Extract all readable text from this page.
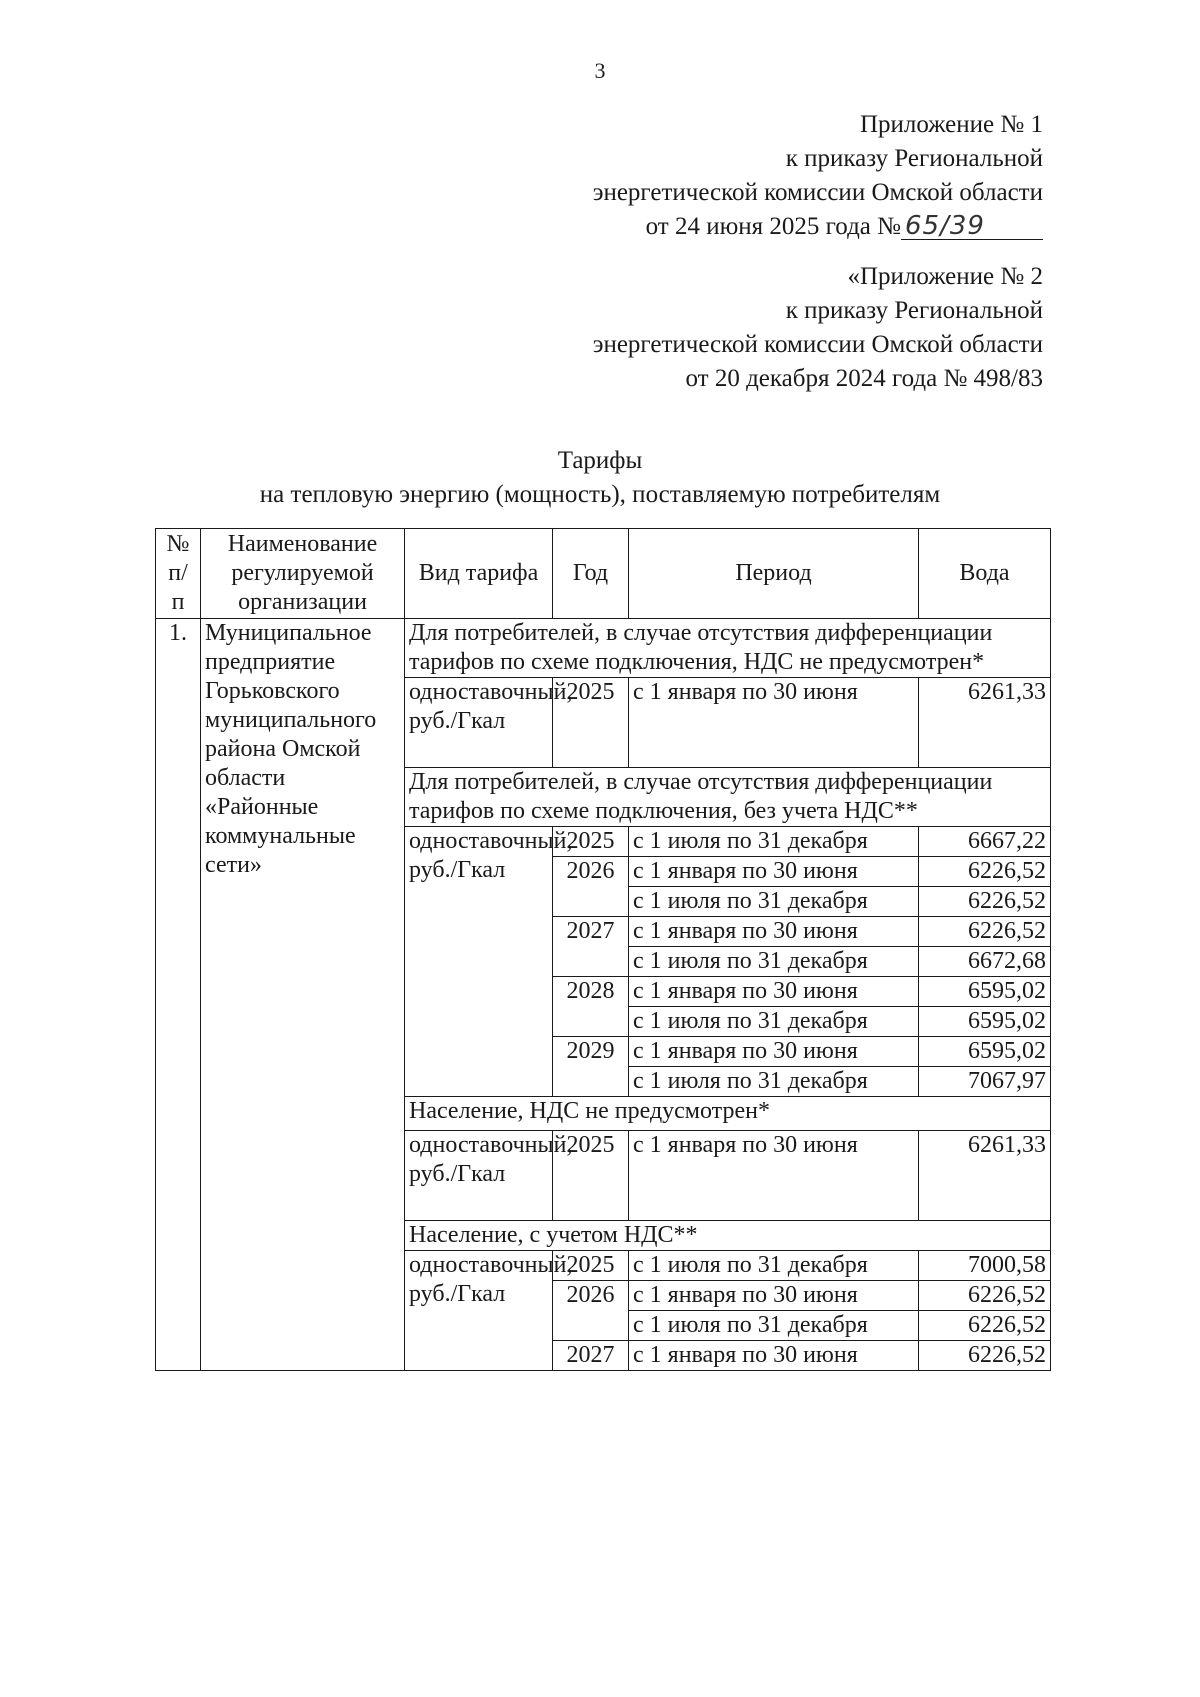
3
Приложение № 1
к приказу Региональной
энергетической комиссии Омской области
от 24 июня 2025 года № 65/39
«Приложение № 2
к приказу Региональной
энергетической комиссии Омской области
от 20 декабря 2024 года № 498/83
Тарифы
на тепловую энергию (мощность), поставляемую потребителям
№ п/ п	Наименование регулируемой организации	Вид тарифа	Год	Период	Вода
1.	Муниципальное предприятие Горьковского муниципального района Омской области «Районные коммунальные сети»	Для потребителей, в случае отсутствия дифференциации тарифов по схеме подключения, НДС не предусмотрен*			
		одноставочный, руб./Гкал	2025	с 1 января по 30 июня	6261,33
		Для потребителей, в случае отсутствия дифференциации тарифов по схеме подключения, без учета НДС**			
		одноставочный, руб./Гкал	2025	с 1 июля по 31 декабря	6667,22
			2026	с 1 января по 30 июня	6226,52
				с 1 июля по 31 декабря	6226,52
			2027	с 1 января по 30 июня	6226,52
				с 1 июля по 31 декабря	6672,68
			2028	с 1 января по 30 июня	6595,02
				с 1 июля по 31 декабря	6595,02
			2029	с 1 января по 30 июня	6595,02
				с 1 июля по 31 декабря	7067,97
		Население, НДС не предусмотрен*			
		одноставочный, руб./Гкал	2025	с 1 января по 30 июня	6261,33
		Население, с учетом НДС**			
		одноставочный, руб./Гкал	2025	с 1 июля по 31 декабря	7000,58
			2026	с 1 января по 30 июня	6226,52
				с 1 июля по 31 декабря	6226,52
			2027	с 1 января по 30 июня	6226,52
